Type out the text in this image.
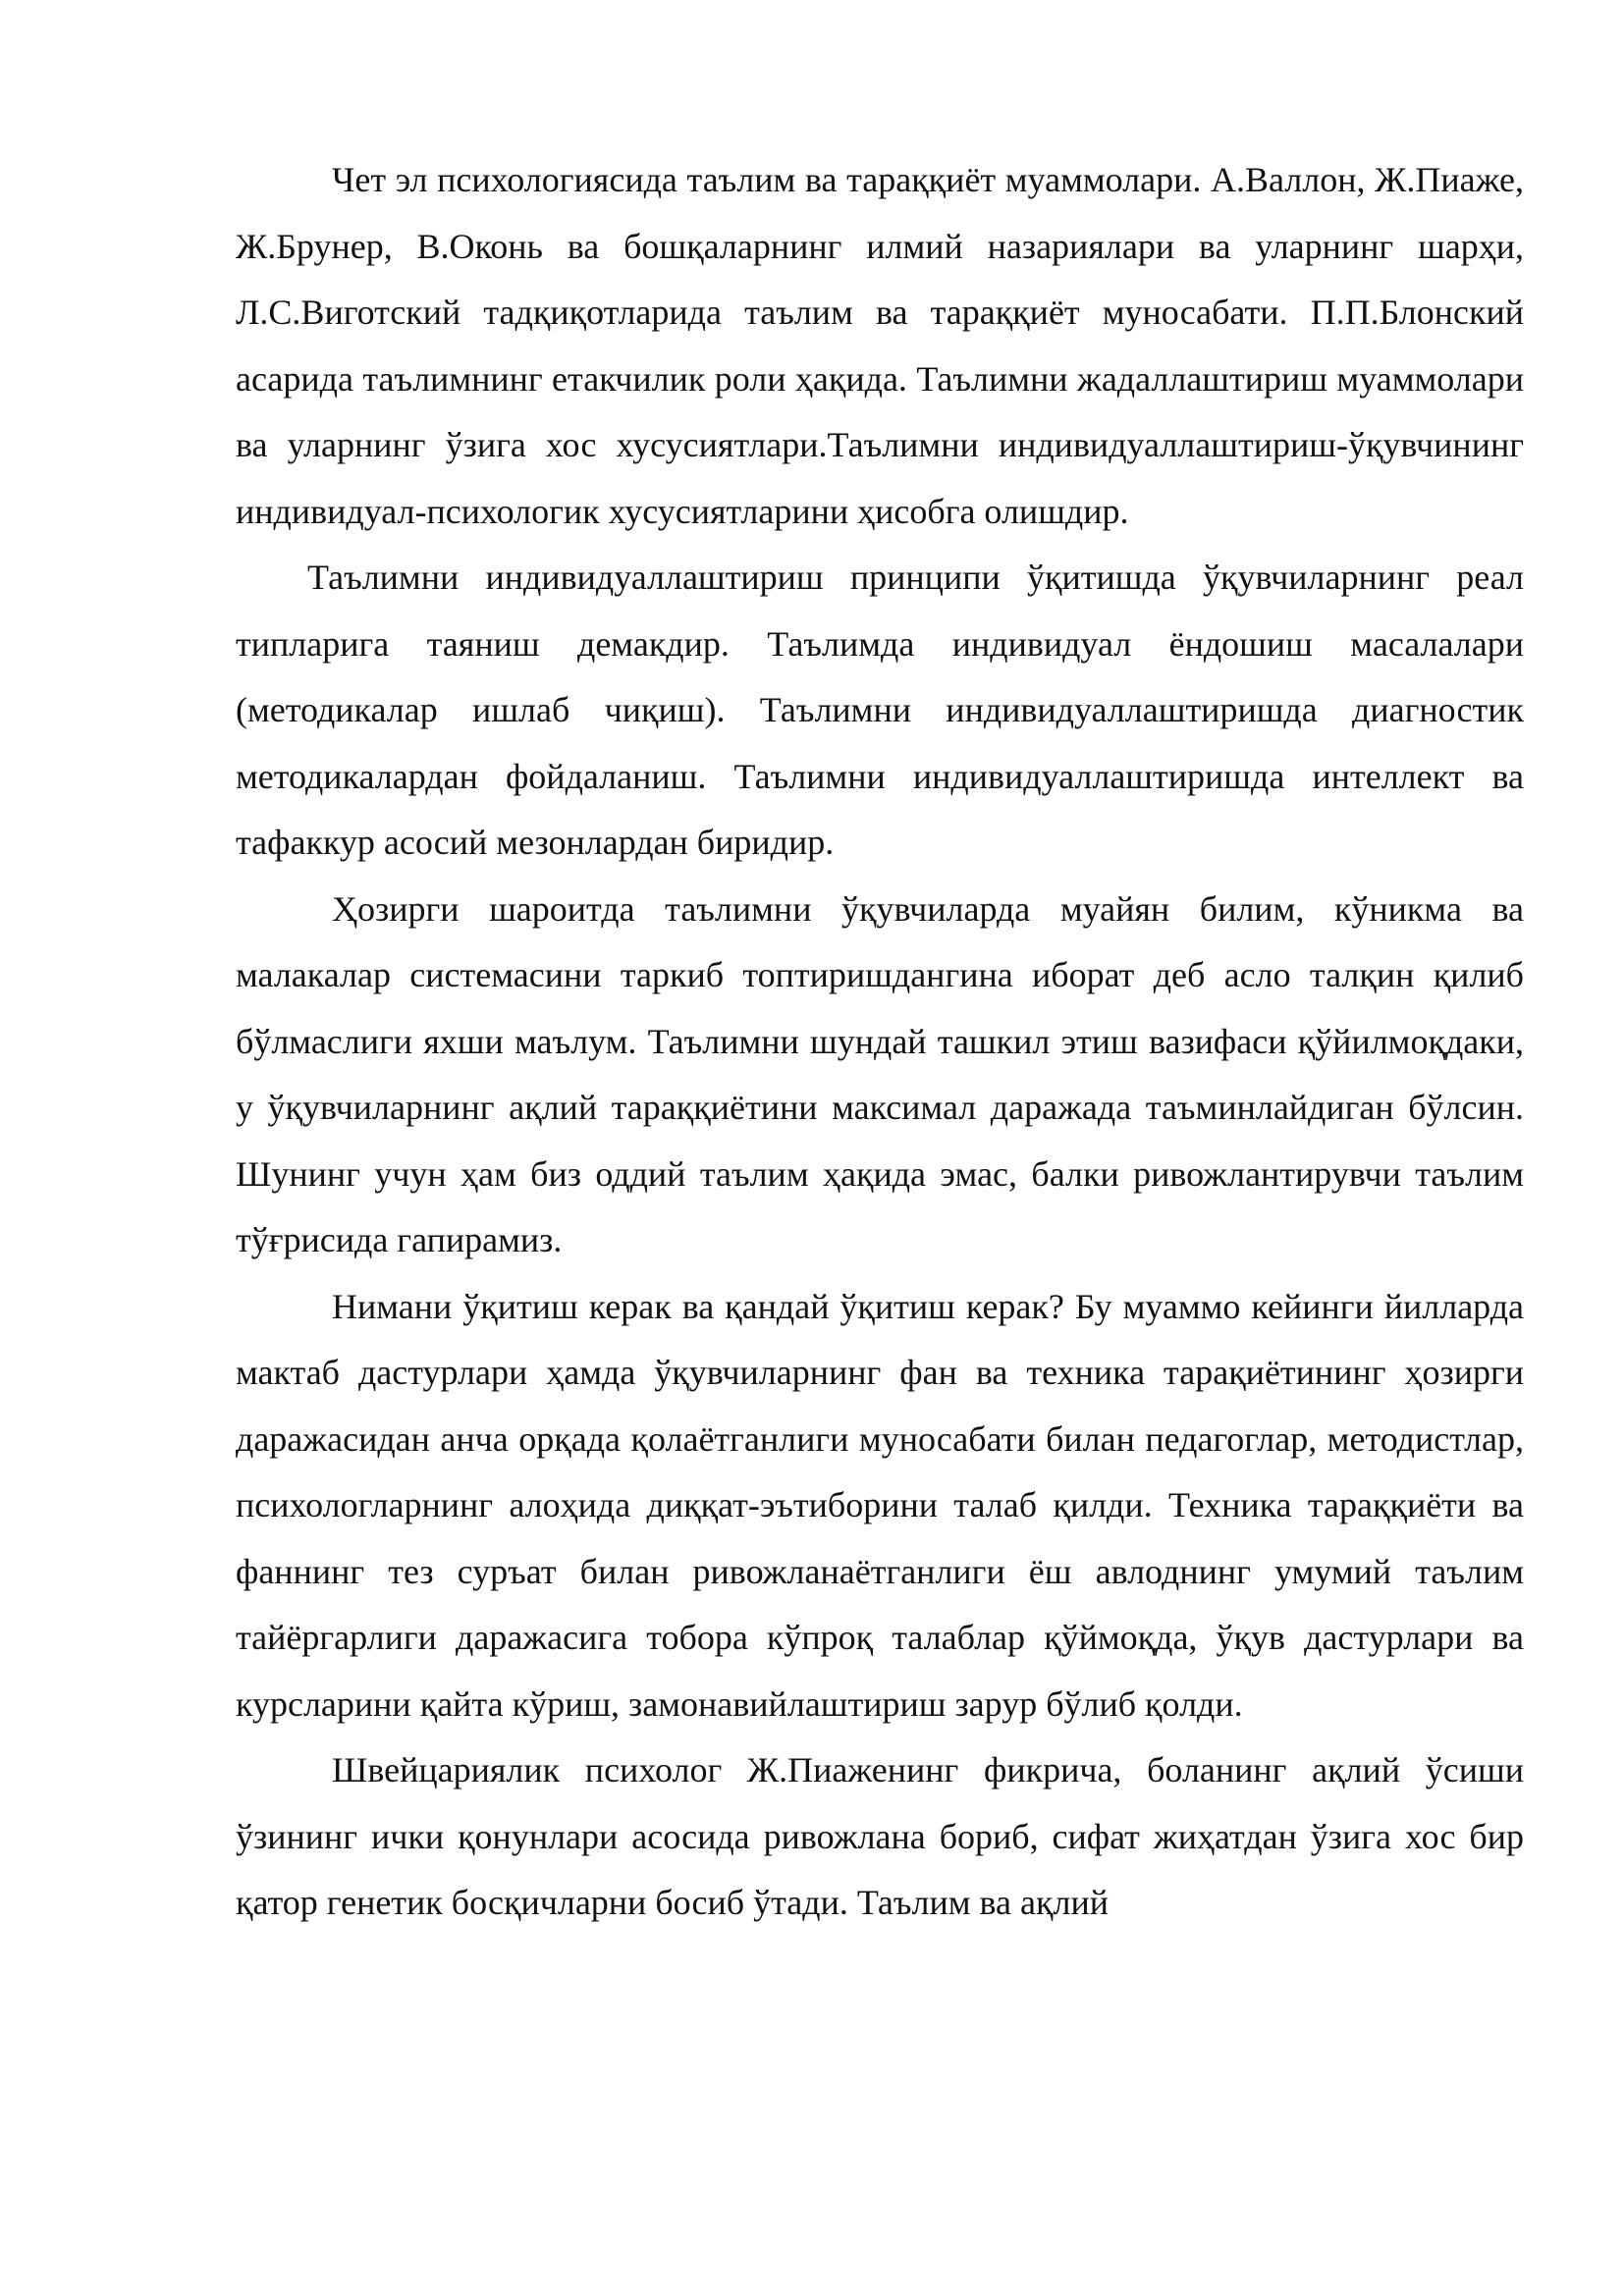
Чет эл психологиясида таълим ва тараққиёт муаммолари. А.Валлон, Ж.Пиаже, Ж.Брунер, В.Оконь ва бошқаларнинг илмий назариялари ва уларнинг шарҳи, Л.С.Виготский тадқиқотларида таълим ва тараққиёт муносабати. П.П.Блонский асарида таълимнинг етакчилик роли ҳақида. Таълимни жадаллаштириш муаммолари ва уларнинг ўзига хос хусусиятлари.Таълимни индивидуаллаштириш-ўқувчининг индивидуал-психологик хусусиятларини ҳисобга олишдир.

Таълимни индивидуаллаштириш принципи ўқитишда ўқувчиларнинг реал типларига таяниш демакдир. Таълимда индивидуал ёндошиш масалалари (методикалар ишлаб чиқиш). Таълимни индивидуаллаштиришда диагностик методикалардан фойдаланиш. Таълимни индивидуаллаштиришда интеллект ва тафаккур асосий мезонлардан биридир.

Ҳозирги шароитда таълимни ўқувчиларда муайян билим, кўникма ва малакалар системасини таркиб топтиришдангина иборат деб асло талқин қилиб бўлмаслиги яхши маълум. Таълимни шундай ташкил этиш вазифаси қўйилмоқдаки, у ўқувчиларнинг ақлий тараққиётини максимал даражада таъминлайдиган бўлсин. Шунинг учун ҳам биз оддий таълим ҳақида эмас, балки ривожлантирувчи таълим тўғрисида гапирамиз.

Нимани ўқитиш керак ва қандай ўқитиш керак? Бу муаммо кейинги йилларда мактаб дастурлари ҳамда ўқувчиларнинг фан ва техника тарақиётининг ҳозирги даражасидан анча орқада қолаётганлиги муносабати билан педагоглар, методистлар, психологларнинг алоҳида диққат-эътиборини талаб қилди. Техника тараққиёти ва фаннинг тез суръат билан ривожланаётганлиги ёш авлоднинг умумий таълим тайёргарлиги даражасига тобора кўпроқ талаблар қўймоқда, ўқув дастурлари ва курсларини қайта кўриш, замонавийлаштириш зарур бўлиб қолди.

Швейцариялик психолог Ж.Пиаженинг фикрича, боланинг ақлий ўсиши ўзининг ички қонунлари асосида ривожлана бориб, сифат жиҳатдан ўзига хос бир қатор генетик босқичларни босиб ўтади. Таълим ва ақлий
